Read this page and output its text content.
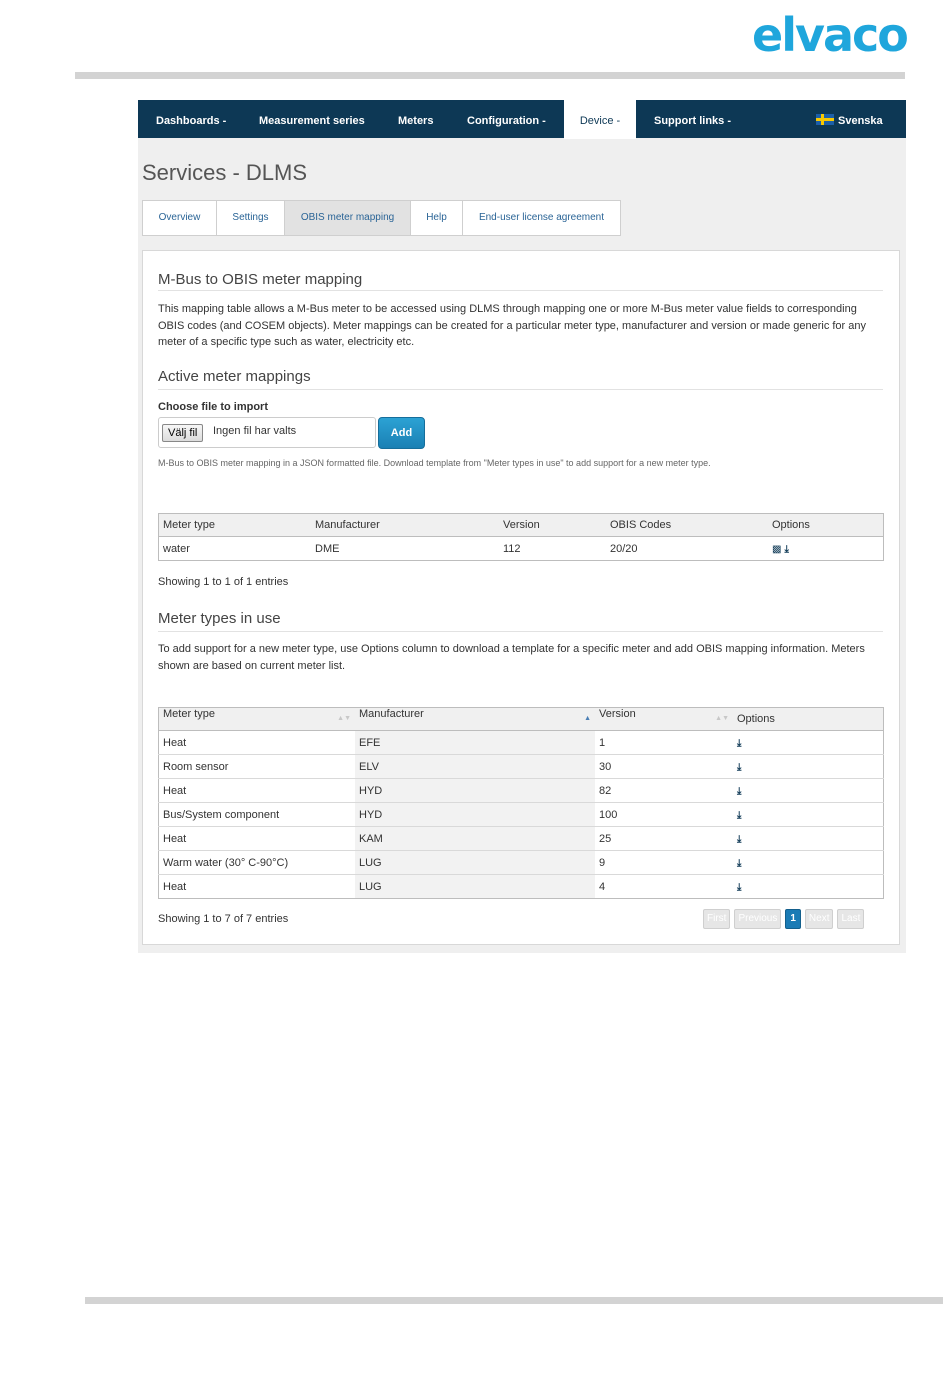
elvaco
Dashboards -	Measurement series	Meters	Configuration -	Device -	Support links -	Svenska
Services - DLMS
Overview	Settings	OBIS meter mapping	Help	End-user license agreement
M-Bus to OBIS meter mapping
This mapping table allows a M-Bus meter to be accessed using DLMS through mapping one or more M-Bus meter value fields to corresponding OBIS codes (and COSEM objects). Meter mappings can be created for a particular meter type, manufacturer and version or made generic for any meter of a specific type such as water, electricity etc.
Active meter mappings
Choose file to import
Välj fil	Ingen fil har valts	Add
M-Bus to OBIS meter mapping in a JSON formatted file. Download template from "Meter types in use" to add support for a new meter type.
Meter type	Manufacturer	Version	OBIS Codes	Options
water	DME	112	20/20	▩ ⤓
Showing 1 to 1 of 1 entries
Meter types in use
To add support for a new meter type, use Options column to download a template for a specific meter and add OBIS mapping information. Meters shown are based on current meter list.
Meter type ▲▼	Manufacturer ▲	Version ▲▼	Options
Heat	EFE	1	⤓
Room sensor	ELV	30	⤓
Heat	HYD	82	⤓
Bus/System component	HYD	100	⤓
Heat	KAM	25	⤓
Warm water (30° C-90°C)	LUG	9	⤓
Heat	LUG	4	⤓
Showing 1 to 7 of 7 entries	First	Previous	1	Next	Last
